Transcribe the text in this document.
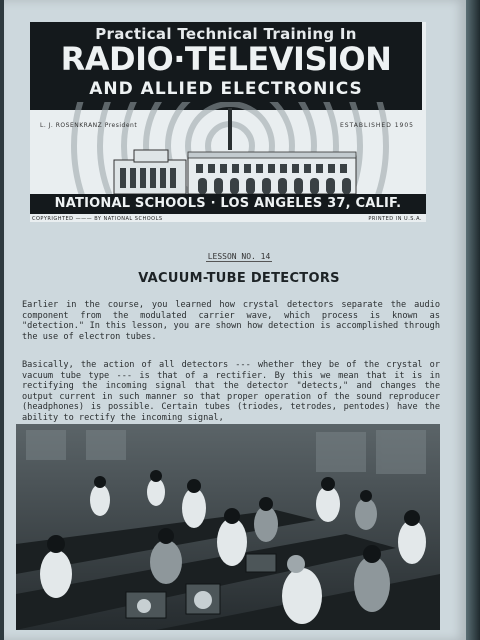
Practical Technical Training In
RADIO·TELEVISION
AND ALLIED ELECTRONICS
L. J. ROSENKRANZ President	ESTABLISHED 1905
NATIONAL SCHOOLS · LOS ANGELES 37, CALIF.
COPYRIGHTED ——— BY NATIONAL SCHOOLS	PRINTED IN U.S.A.
LESSON NO. 14
VACUUM-TUBE DETECTORS

Earlier in the course, you learned how crystal detectors separate the audio component from the modulated carrier wave, which process is known as "detection." In this lesson, you are shown how detection is accomplished through the use of electron tubes.

Basically, the action of all detectors --- whether they be of the crystal or vacuum tube type --- is that of a rectifier. By this we mean that it is in rectifying the incoming signal that the detector "detects," and changes the output current in such manner so that proper operation of the sound reproducer (headphones) is possible. Certain tubes (triodes, tetrodes, pentodes) have the ability to rectify the incoming signal,
